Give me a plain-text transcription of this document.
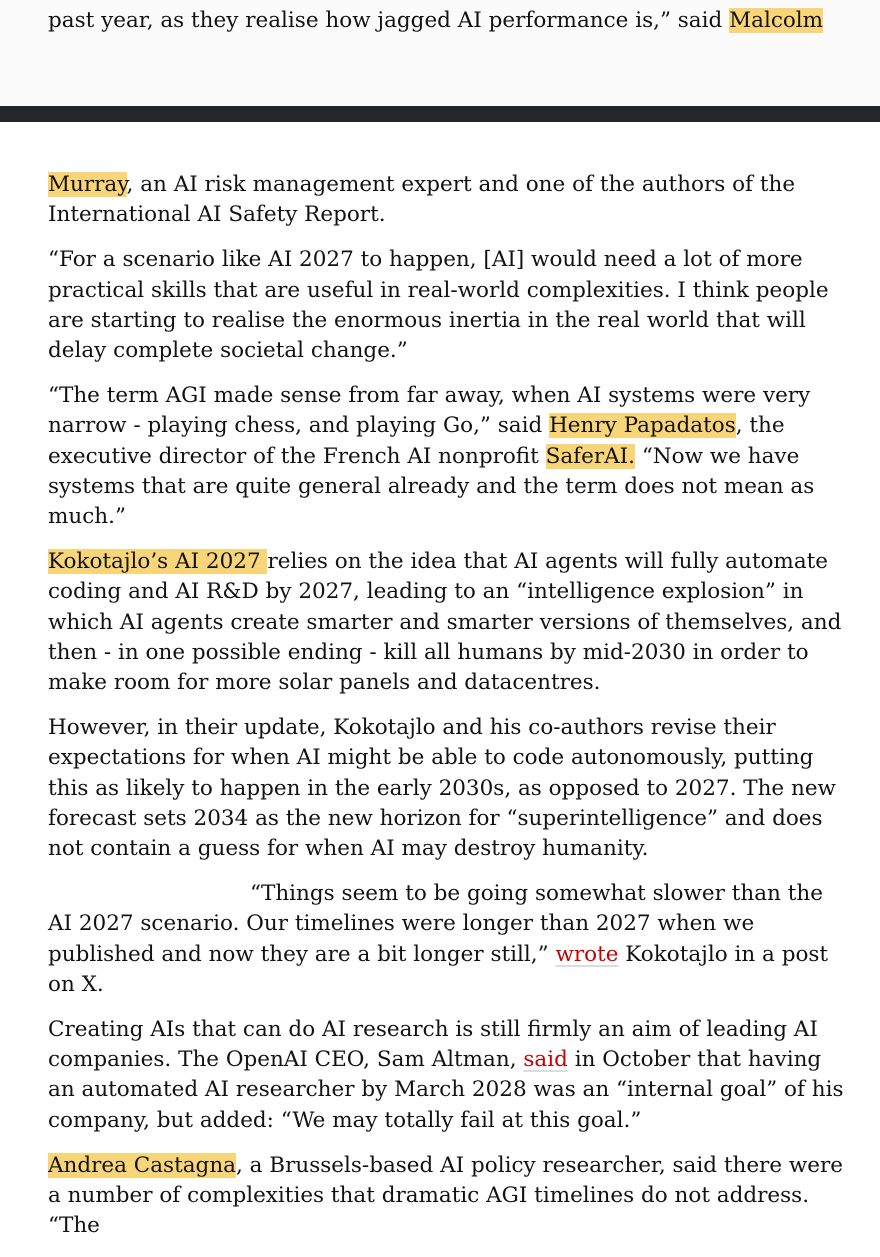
past year, as they realise how jagged AI performance is,” said Malcolm

Murray, an AI risk management expert and one of the authors of the International AI Safety Report.

“For a scenario like AI 2027 to happen, [AI] would need a lot of more practical skills that are useful in real-world complexities. I think people are starting to realise the enormous inertia in the real world that will delay complete societal change.”

“The term AGI made sense from far away, when AI systems were very narrow - playing chess, and playing Go,” said Henry Papadatos, the executive director of the French AI nonprofit SaferAI. “Now we have systems that are quite general already and the term does not mean as much.”

Kokotajlo’s AI 2027 relies on the idea that AI agents will fully automate coding and AI R&D by 2027, leading to an “intelligence explosion” in which AI agents create smarter and smarter versions of themselves, and then - in one possible ending - kill all humans by mid-2030 in order to make room for more solar panels and datacentres.

However, in their update, Kokotajlo and his co-authors revise their expectations for when AI might be able to code autonomously, putting this as likely to happen in the early 2030s, as opposed to 2027. The new forecast sets 2034 as the new horizon for “superintelligence” and does not contain a guess for when AI may destroy humanity.

“Things seem to be going somewhat slower than the AI 2027 scenario. Our timelines were longer than 2027 when we published and now they are a bit longer still,” wrote Kokotajlo in a post on X.

Creating AIs that can do AI research is still firmly an aim of leading AI companies. The OpenAI CEO, Sam Altman, said in October that having an automated AI researcher by March 2028 was an “internal goal” of his company, but added: “We may totally fail at this goal.”

Andrea Castagna, a Brussels-based AI policy researcher, said there were a number of complexities that dramatic AGI timelines do not address. “The
